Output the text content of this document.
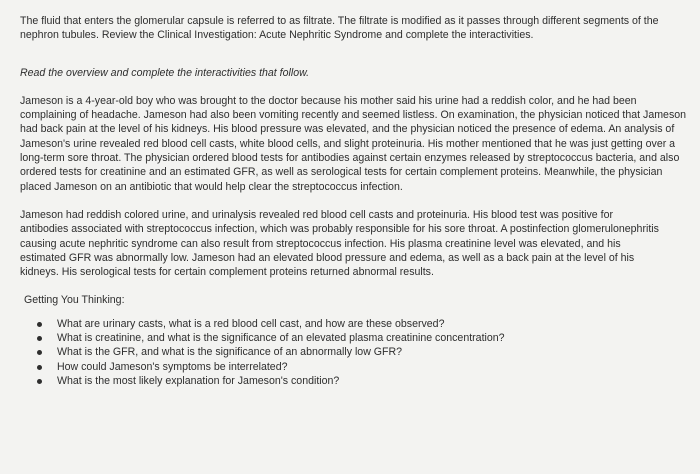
The fluid that enters the glomerular capsule is referred to as filtrate. The filtrate is modified as it passes through different segments of the nephron tubules. Review the Clinical Investigation: Acute Nephritic Syndrome and complete the interactivities.

Read the overview and complete the interactivities that follow.

Jameson is a 4-year-old boy who was brought to the doctor because his mother said his urine had a reddish color, and he had been complaining of headache. Jameson had also been vomiting recently and seemed listless. On examination, the physician noticed that Jameson had back pain at the level of his kidneys. His blood pressure was elevated, and the physician noticed the presence of edema. An analysis of Jameson's urine revealed red blood cell casts, white blood cells, and slight proteinuria. His mother mentioned that he was just getting over a long-term sore throat. The physician ordered blood tests for antibodies against certain enzymes released by streptococcus bacteria, and also ordered tests for creatinine and an estimated GFR, as well as serological tests for certain complement proteins. Meanwhile, the physician placed Jameson on an antibiotic that would help clear the streptococcus infection.

Jameson had reddish colored urine, and urinalysis revealed red blood cell casts and proteinuria. His blood test was positive for antibodies associated with streptococcus infection, which was probably responsible for his sore throat. A postinfection glomerulonephritis causing acute nephritic syndrome can also result from streptococcus infection. His plasma creatinine level was elevated, and his estimated GFR was abnormally low. Jameson had an elevated blood pressure and edema, as well as a back pain at the level of his kidneys. His serological tests for certain complement proteins returned abnormal results.

Getting You Thinking:

What are urinary casts, what is a red blood cell cast, and how are these observed?
What is creatinine, and what is the significance of an elevated plasma creatinine concentration?
What is the GFR, and what is the significance of an abnormally low GFR?
How could Jameson's symptoms be interrelated?
What is the most likely explanation for Jameson's condition?
